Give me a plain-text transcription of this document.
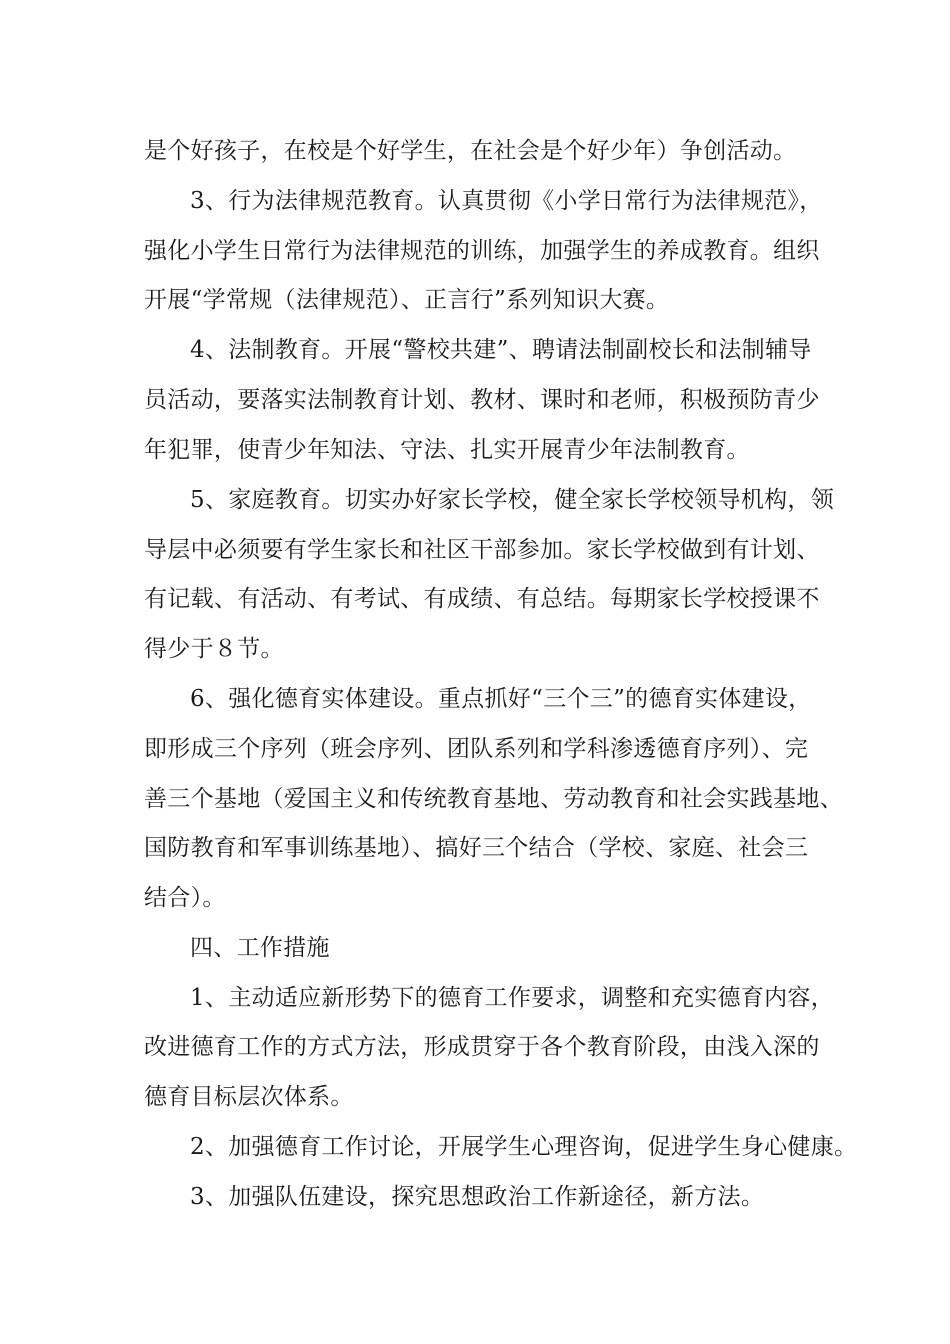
是个好孩子，在校是个好学生，在社会是个好少年）争创活动。
3、行为法律规范教育。认真贯彻《小学日常行为法律规范》，
强化小学生日常行为法律规范的训练，加强学生的养成教育。组织
开展“学常规（法律规范）、正言行”系列知识大赛。
4、法制教育。开展“警校共建”、聘请法制副校长和法制辅导
员活动，要落实法制教育计划、教材、课时和老师，积极预防青少
年犯罪，使青少年知法、守法、扎实开展青少年法制教育。
5、家庭教育。切实办好家长学校，健全家长学校领导机构，领
导层中必须要有学生家长和社区干部参加。家长学校做到有计划、
有记载、有活动、有考试、有成绩、有总结。每期家长学校授课不
得少于８节。
6、强化德育实体建设。重点抓好“三个三”的德育实体建设，
即形成三个序列（班会序列、团队系列和学科渗透德育序列）、完
善三个基地（爱国主义和传统教育基地、劳动教育和社会实践基地、
国防教育和军事训练基地）、搞好三个结合（学校、家庭、社会三
结合）。
四、工作措施
1、主动适应新形势下的德育工作要求，调整和充实德育内容，
改进德育工作的方式方法，形成贯穿于各个教育阶段，由浅入深的
德育目标层次体系。
2、加强德育工作讨论，开展学生心理咨询，促进学生身心健康。
3、加强队伍建设，探究思想政治工作新途径，新方法。
